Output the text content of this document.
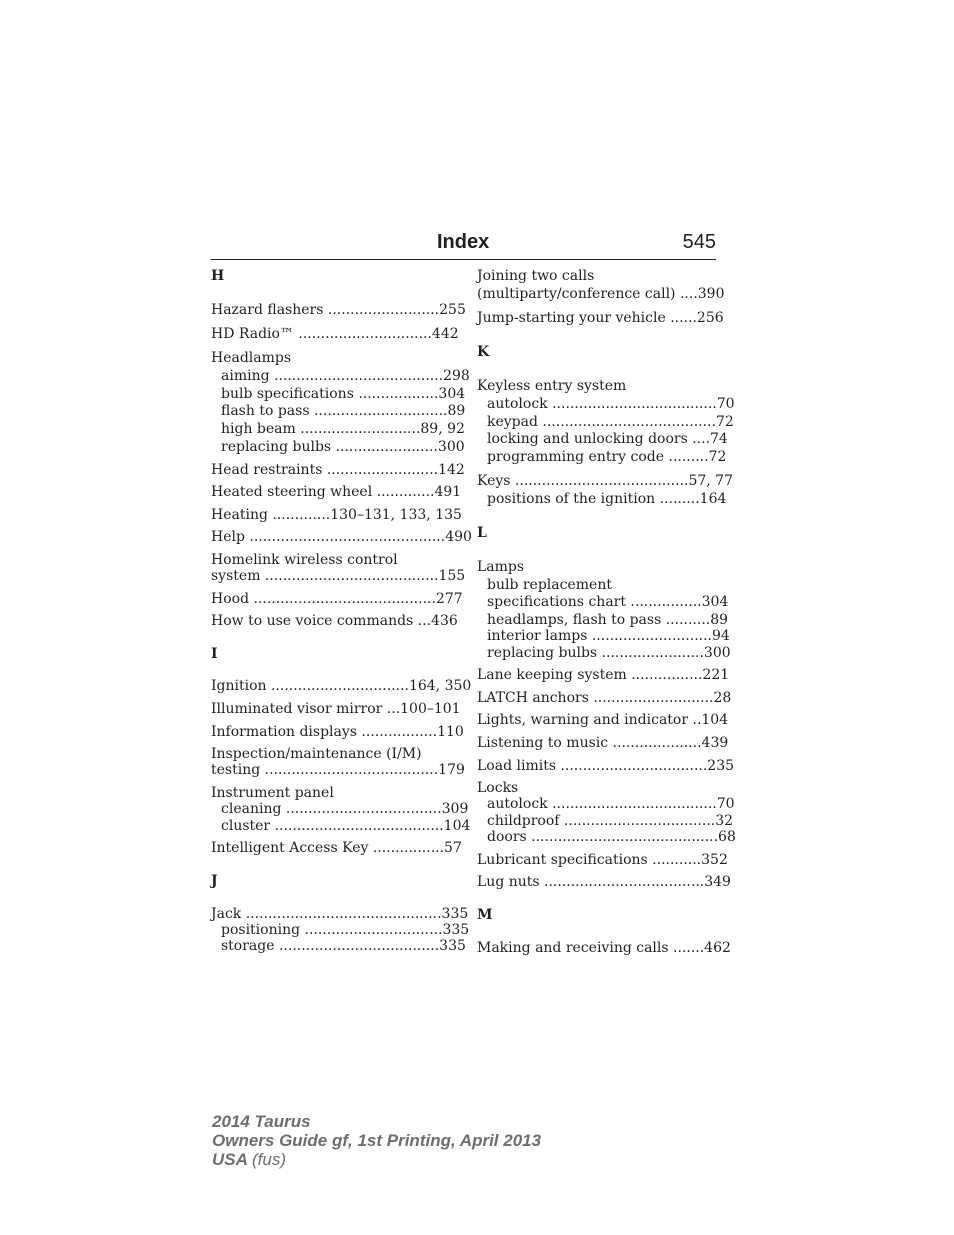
Index	545
H
Hazard flashers .........................255
HD Radio™ ..............................442
Headlamps
aiming ......................................298
bulb specifications ..................304
flash to pass ..............................89
high beam ...........................89, 92
replacing bulbs .......................300
Head restraints .........................142
Heated steering wheel .............491
Heating .............130–131, 133, 135
Help ............................................490
Homelink wireless control
system .......................................155
Hood .........................................277
How to use voice commands ...436
I
Ignition ...............................164, 350
Illuminated visor mirror ...100–101
Information displays .................110
Inspection/maintenance (I/M)
testing .......................................179
Instrument panel
cleaning ...................................309
cluster ......................................104
Intelligent Access Key ................57
J
Jack ............................................335
positioning ...............................335
storage ....................................335
Joining two calls
(multiparty/conference call) ....390
Jump-starting your vehicle ......256
K
Keyless entry system
autolock .....................................70
keypad .......................................72
locking and unlocking doors ....74
programming entry code .........72
Keys .......................................57, 77
positions of the ignition .........164
L
Lamps
bulb replacement
specifications chart ................304
headlamps, flash to pass ..........89
interior lamps ...........................94
replacing bulbs .......................300
Lane keeping system ................221
LATCH anchors ...........................28
Lights, warning and indicator ..104
Listening to music ....................439
Load limits .................................235
Locks
autolock .....................................70
childproof ..................................32
doors ..........................................68
Lubricant specifications ...........352
Lug nuts ....................................349
M
Making and receiving calls .......462
2014 Taurus
Owners Guide gf, 1st Printing, April 2013
USA (fus)
